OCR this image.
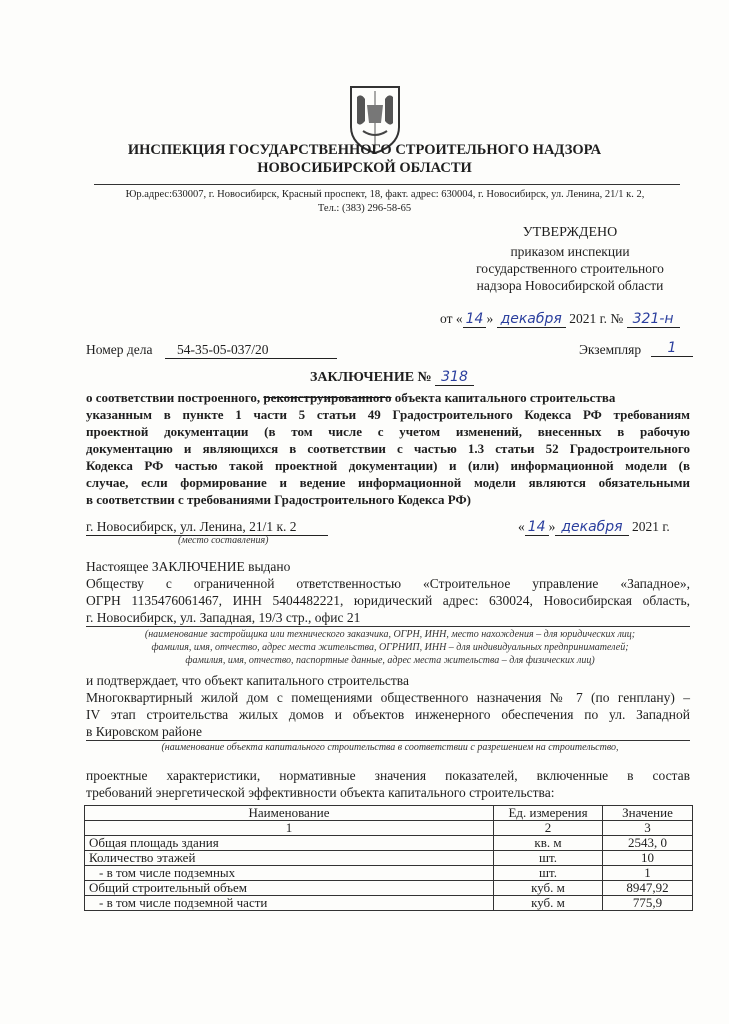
ИНСПЕКЦИЯ ГОСУДАРСТВЕННОГО СТРОИТЕЛЬНОГО НАДЗОРА
НОВОСИБИРСКОЙ ОБЛАСТИ
Юр.адрес:630007, г. Новосибирск, Красный проспект, 18, факт. адрес: 630004, г. Новосибирск, ул. Ленина, 21/1 к. 2,
Тел.: (383) 296-58-65
УТВЕРЖДЕНО
приказом инспекции
государственного строительного
надзора Новосибирской области
от « 14 » декабря 2021 г. № 321-н
Номер дела	54-35-05-037/20	Экземпляр	1
ЗАКЛЮЧЕНИЕ № 318
о соответствии построенного, реконструированного объекта капитального строительства
указанным в пункте 1 части 5 статьи 49 Градостроительного Кодекса РФ требованиям
проектной документации (в том числе с учетом изменений, внесенных в рабочую
документацию и являющихся в соответствии с частью 1.3 статьи 52 Градостроительного
Кодекса РФ частью такой проектной документации) и (или) информационной модели (в
случае, если формирование и ведение информационной модели являются обязательными
в соответствии с требованиями Градостроительного Кодекса РФ)
г. Новосибирск, ул. Ленина, 21/1 к. 2
(место составления)
« 14 » декабря 2021 г.
Настоящее ЗАКЛЮЧЕНИЕ выдано
Обществу с ограниченной ответственностью «Строительное управление «Западное»,
ОГРН 1135476061467, ИНН 5404482221, юридический адрес: 630024, Новосибирская область,
г. Новосибирск, ул. Западная, 19/3 стр., офис 21
(наименование застройщика или технического заказчика, ОГРН, ИНН, место нахождения – для юридических лиц;
фамилия, имя, отчество, адрес места жительства, ОГРНИП, ИНН – для индивидуальных предпринимателей;
фамилия, имя, отчество, паспортные данные, адрес места жительства – для физических лиц)
и подтверждает, что объект капитального строительства
Многоквартирный жилой дом с помещениями общественного назначения № 7 (по генплану) –
IV этап строительства жилых домов и объектов инженерного обеспечения по ул. Западной
в Кировском районе
(наименование объекта капитального строительства в соответствии с разрешением на строительство,
проектные характеристики, нормативные значения показателей, включенные в состав
требований энергетической эффективности объекта капитального строительства:
Наименование	Ед. измерения	Значение
1	2	3
Общая площадь здания	кв. м	2543, 0
Количество этажей	шт.	10
- в том числе подземных	шт.	1
Общий строительный объем	куб. м	8947,92
- в том числе подземной части	куб. м	775,9
